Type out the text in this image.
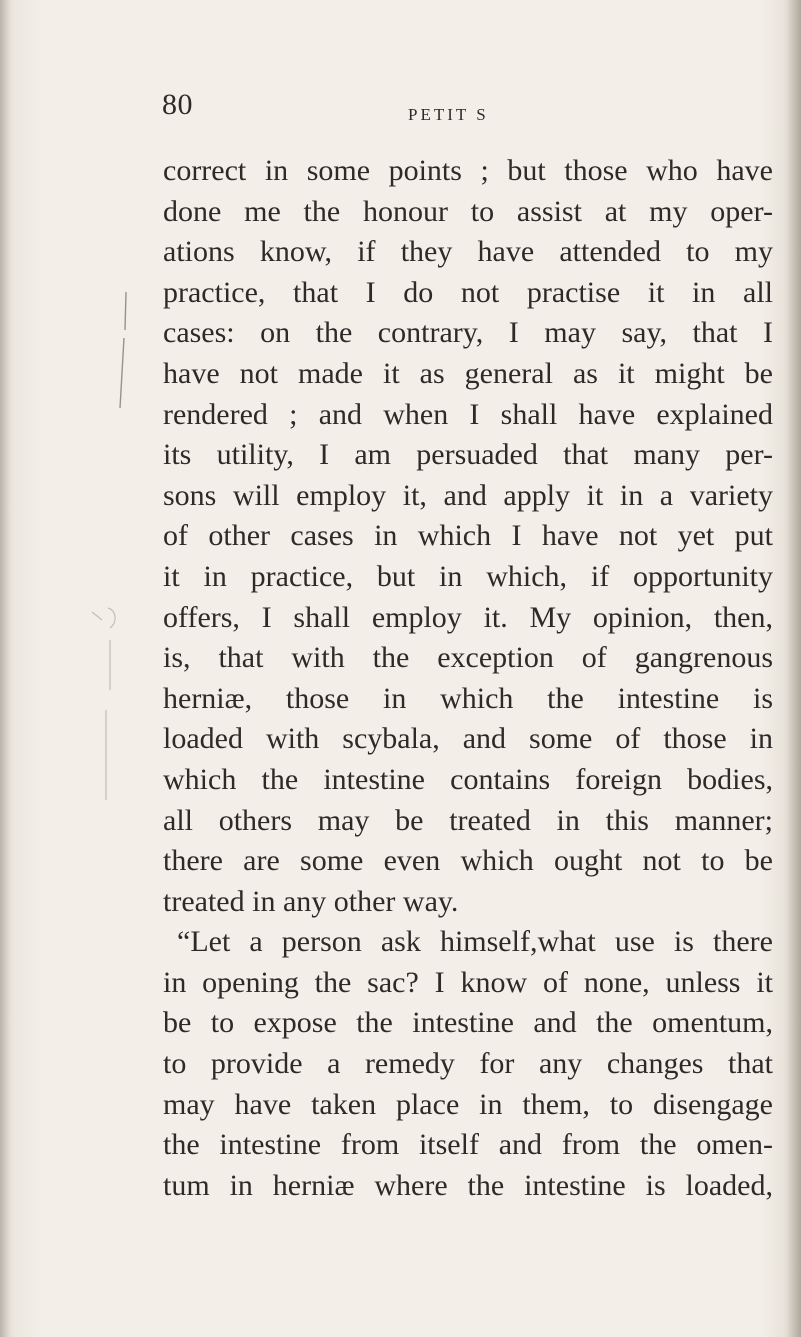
80	PETIT S
correct in some points ; but those who have
done me the honour to assist at my oper-
ations know, if they have attended to my
practice, that I do not practise it in all
cases: on the contrary, I may say, that I
have not made it as general as it might be
rendered ; and when I shall have explained
its utility, I am persuaded that many per-
sons will employ it, and apply it in a variety
of other cases in which I have not yet put
it in practice, but in which, if opportunity
offers, I shall employ it. My opinion, then,
is, that with the exception of gangrenous
herniæ, those in which the intestine is
loaded with scybala, and some of those in
which the intestine contains foreign bodies,
all others may be treated in this manner;
there are some even which ought not to be
treated in any other way.
“Let a person ask himself,what use is there
in opening the sac? I know of none, unless it
be to expose the intestine and the omentum,
to provide a remedy for any changes that
may have taken place in them, to disengage
the intestine from itself and from the omen-
tum in herniæ where the intestine is loaded,
